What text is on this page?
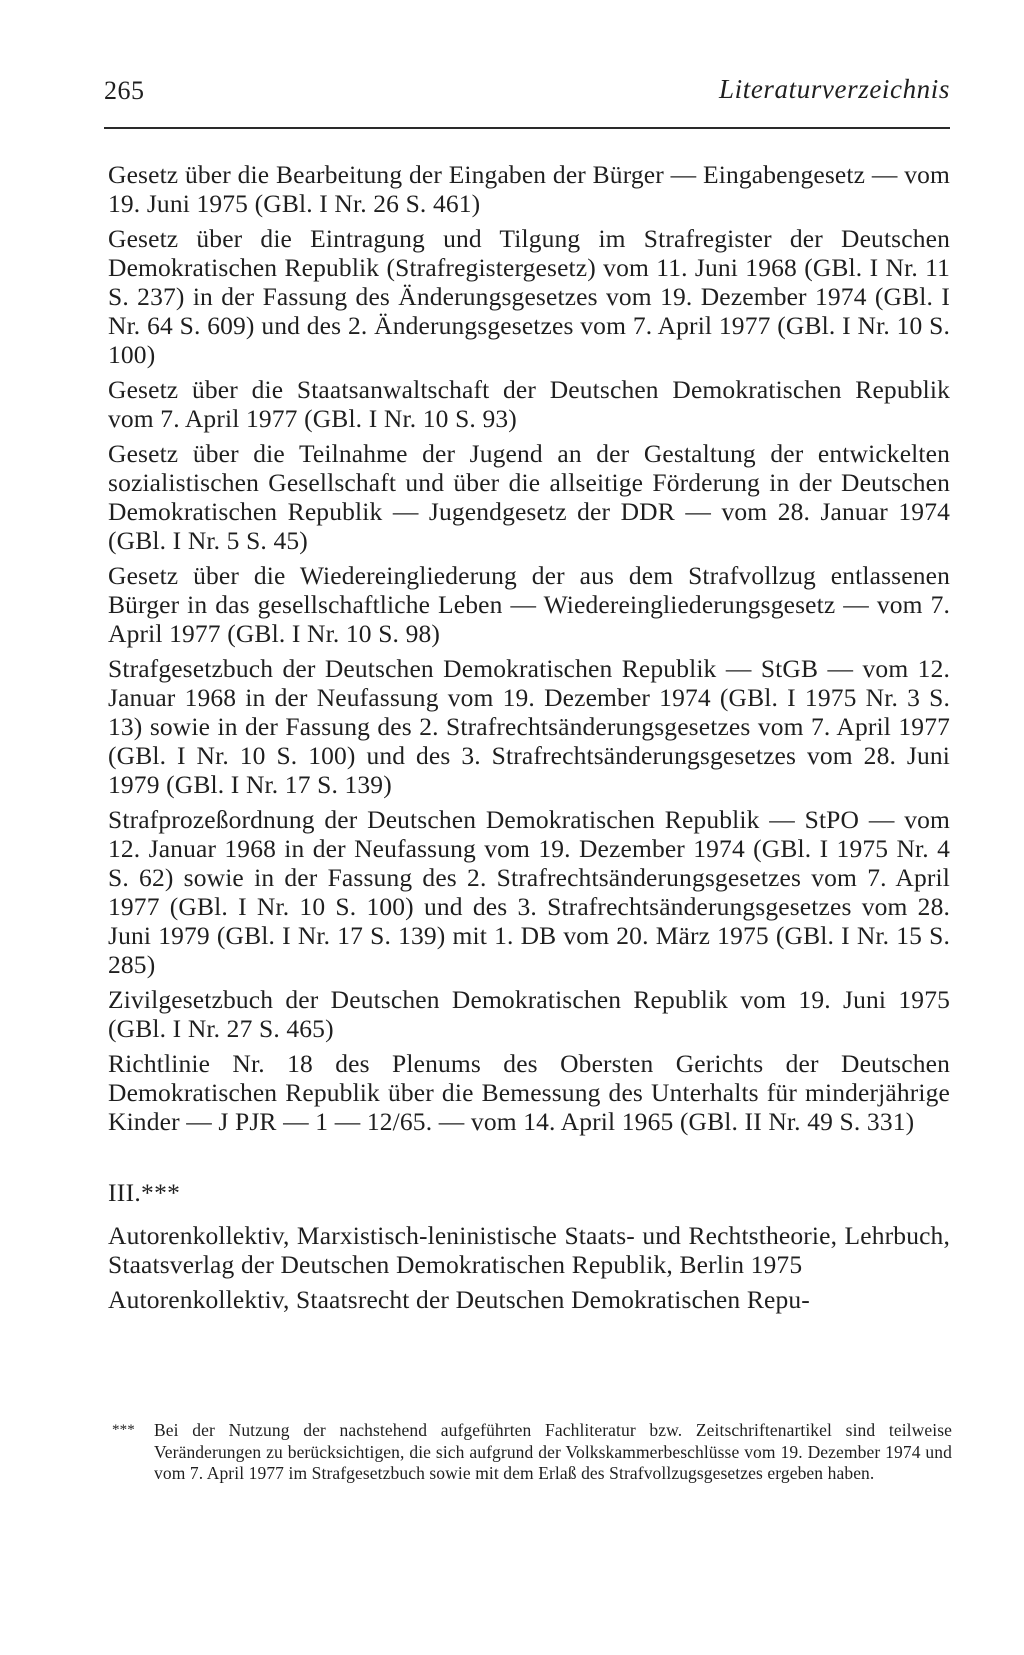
265	Literaturverzeichnis

Gesetz über die Bearbeitung der Eingaben der Bürger — Eingabengesetz — vom 19. Juni 1975 (GBl. I Nr. 26 S. 461)

Gesetz über die Eintragung und Tilgung im Strafregister der Deutschen Demokratischen Republik (Strafregistergesetz) vom 11. Juni 1968 (GBl. I Nr. 11 S. 237) in der Fassung des Änderungsgesetzes vom 19. Dezember 1974 (GBl. I Nr. 64 S. 609) und des 2. Änderungsgesetzes vom 7. April 1977 (GBl. I Nr. 10 S. 100)

Gesetz über die Staatsanwaltschaft der Deutschen Demokratischen Republik vom 7. April 1977 (GBl. I Nr. 10 S. 93)

Gesetz über die Teilnahme der Jugend an der Gestaltung der entwickelten sozialistischen Gesellschaft und über die allseitige Förderung in der Deutschen Demokratischen Republik — Jugendgesetz der DDR — vom 28. Januar 1974 (GBl. I Nr. 5 S. 45)

Gesetz über die Wiedereingliederung der aus dem Strafvollzug entlassenen Bürger in das gesellschaftliche Leben — Wiedereingliederungsgesetz — vom 7. April 1977 (GBl. I Nr. 10 S. 98)

Strafgesetzbuch der Deutschen Demokratischen Republik — StGB — vom 12. Januar 1968 in der Neufassung vom 19. Dezember 1974 (GBl. I 1975 Nr. 3 S. 13) sowie in der Fassung des 2. Strafrechtsänderungsgesetzes vom 7. April 1977 (GBl. I Nr. 10 S. 100) und des 3. Strafrechtsänderungsgesetzes vom 28. Juni 1979 (GBl. I Nr. 17 S. 139)

Strafprozeßordnung der Deutschen Demokratischen Republik — StPO — vom 12. Januar 1968 in der Neufassung vom 19. Dezember 1974 (GBl. I 1975 Nr. 4 S. 62) sowie in der Fassung des 2. Strafrechtsänderungsgesetzes vom 7. April 1977 (GBl. I Nr. 10 S. 100) und des 3. Strafrechtsänderungsgesetzes vom 28. Juni 1979 (GBl. I Nr. 17 S. 139) mit 1. DB vom 20. März 1975 (GBl. I Nr. 15 S. 285)

Zivilgesetzbuch der Deutschen Demokratischen Republik vom 19. Juni 1975 (GBl. I Nr. 27 S. 465)

Richtlinie Nr. 18 des Plenums des Obersten Gerichts der Deutschen Demokratischen Republik über die Bemessung des Unterhalts für minderjährige Kinder — J PJR — 1 — 12/65. — vom 14. April 1965 (GBl. II Nr. 49 S. 331)

III.***

Autorenkollektiv, Marxistisch-leninistische Staats- und Rechtstheorie, Lehrbuch, Staatsverlag der Deutschen Demokratischen Republik, Berlin 1975

Autorenkollektiv, Staatsrecht der Deutschen Demokratischen Repu-

***	Bei der Nutzung der nachstehend aufgeführten Fachliteratur bzw. Zeitschriftenartikel sind teilweise Veränderungen zu berücksichtigen, die sich aufgrund der Volkskammerbeschlüsse vom 19. Dezember 1974 und vom 7. April 1977 im Strafgesetzbuch sowie mit dem Erlaß des Strafvollzugsgesetzes ergeben haben.
